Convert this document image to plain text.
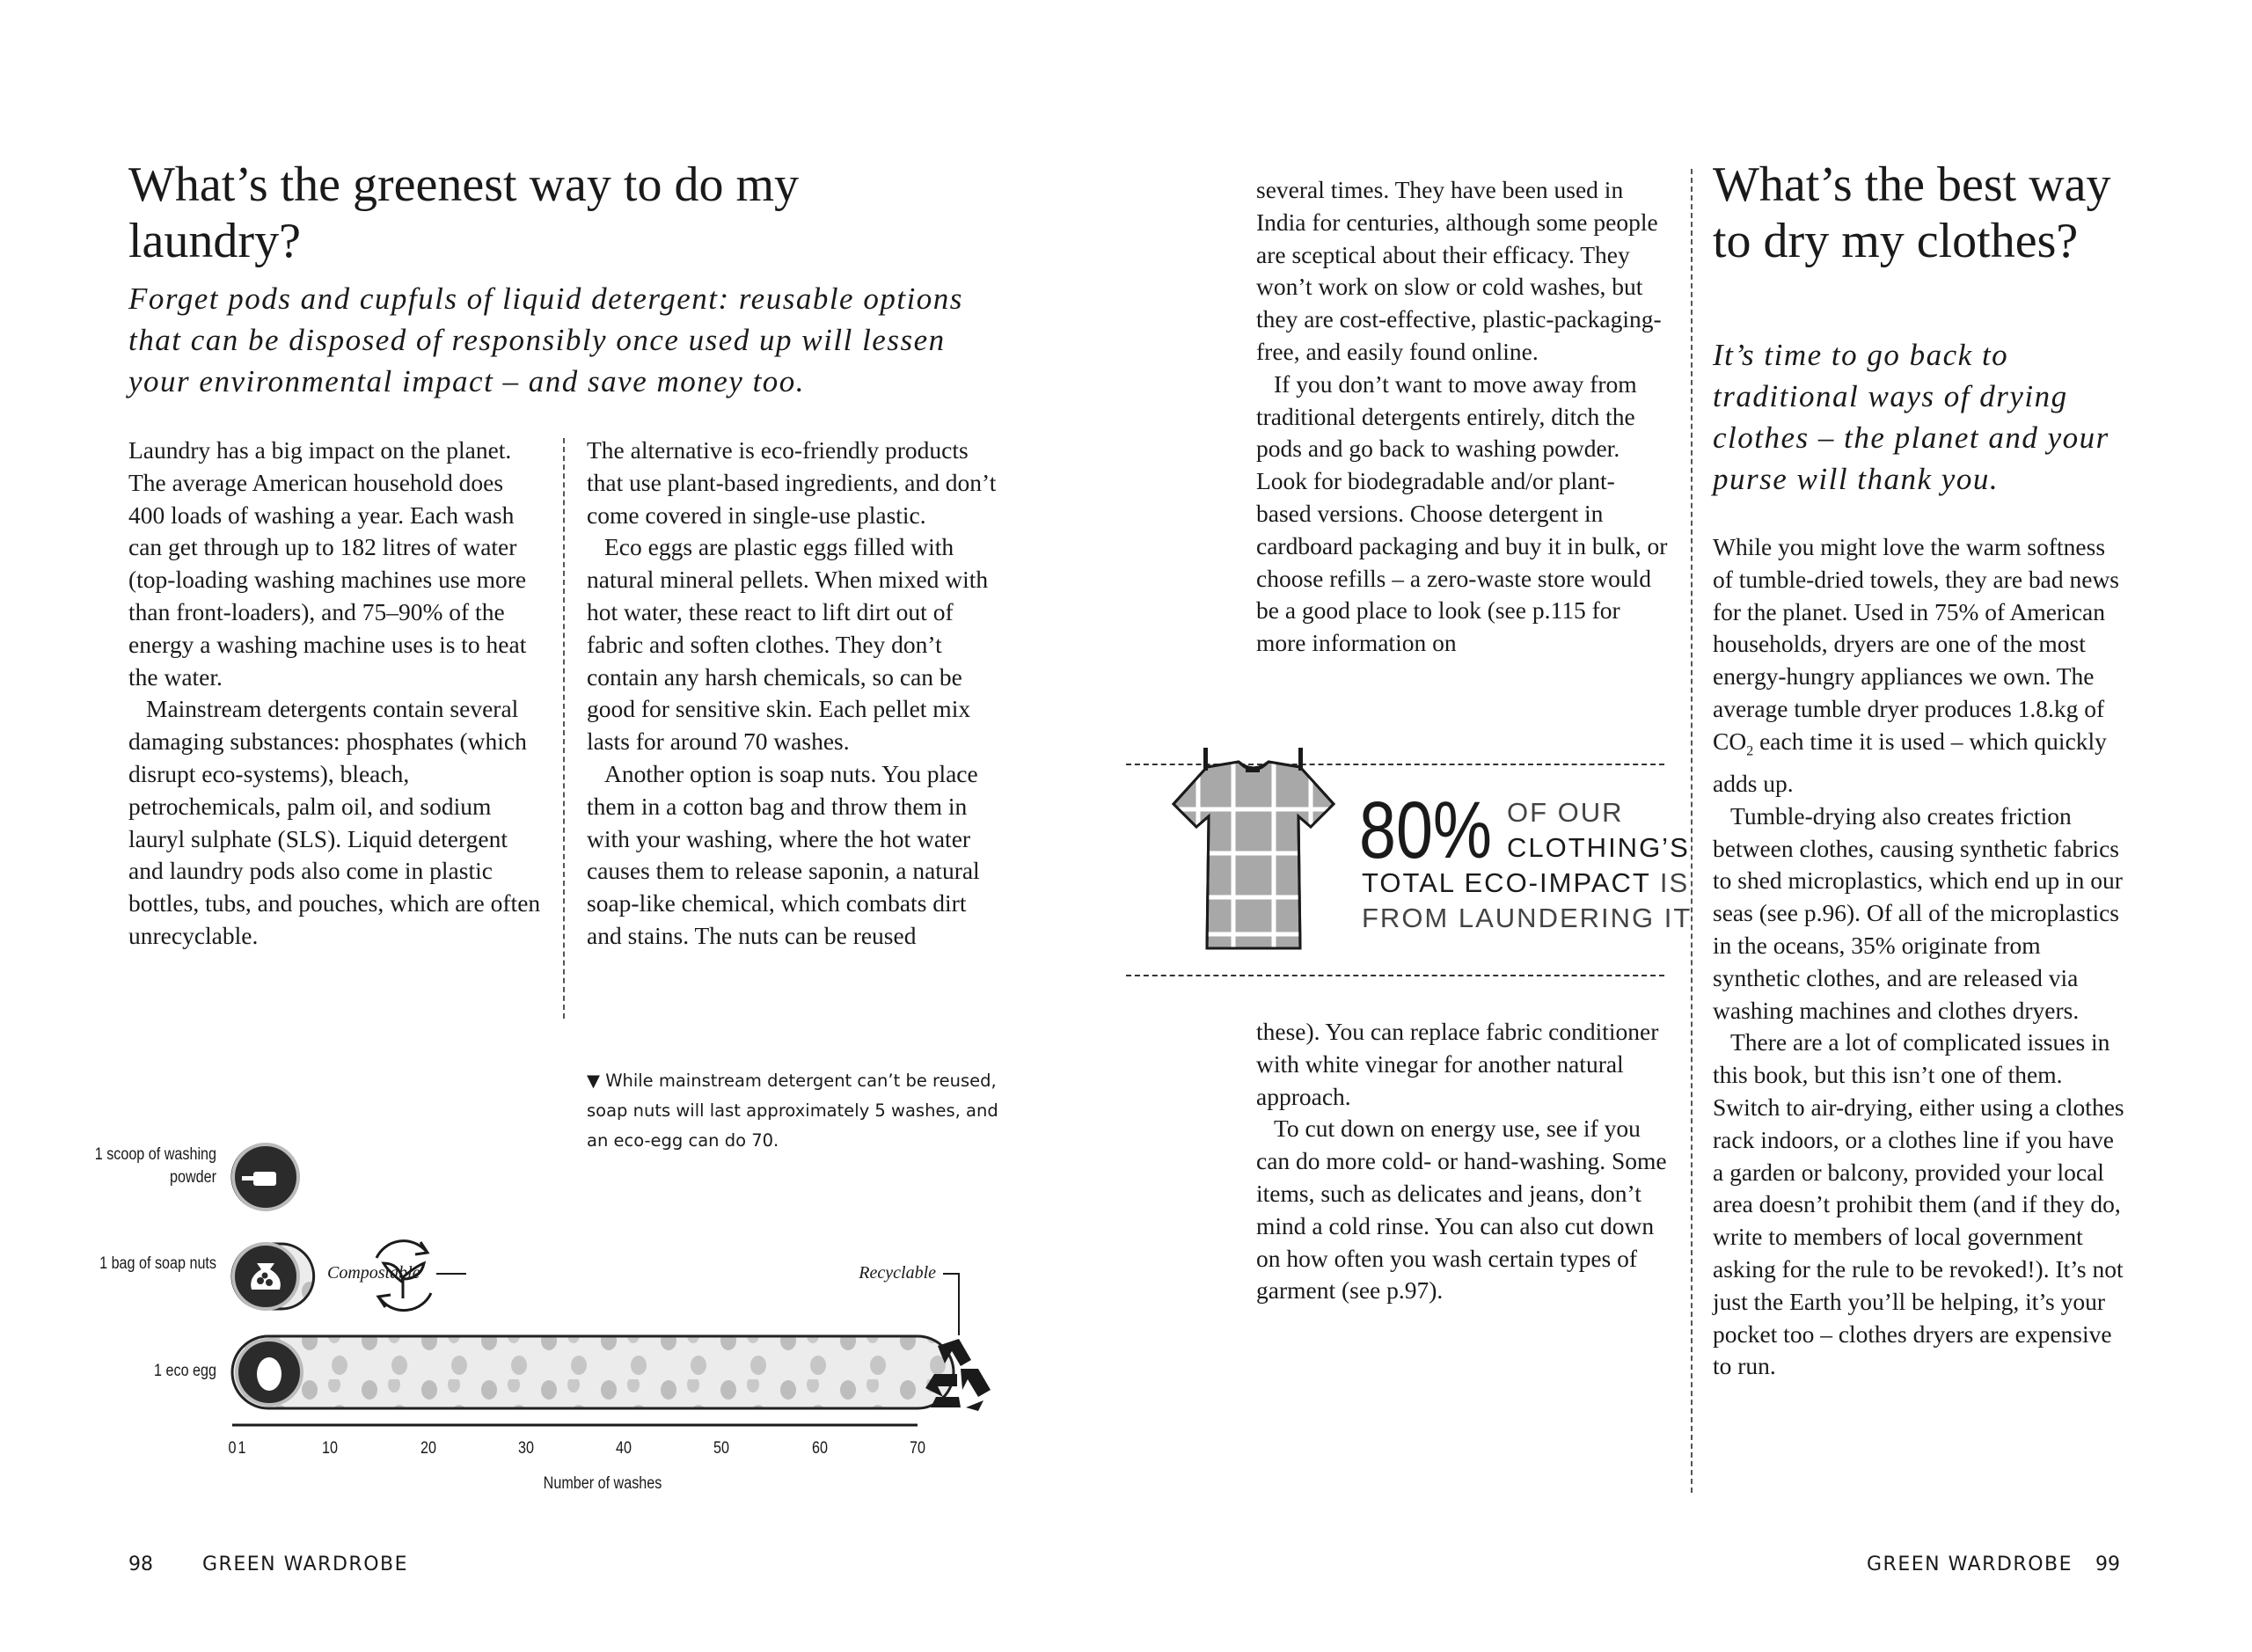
What’s the greenest way to do my laundry?

Forget pods and cupfuls of liquid detergent: reusable options that can be disposed of responsibly once used up will lessen your environmental impact – and save money too.

Laundry has a big impact on the planet. The average American household does 400 loads of washing a year. Each wash can get through up to 182 litres of water (top-loading washing machines use more than front-loaders), and 75–90% of the energy a washing machine uses is to heat the water.

Mainstream detergents contain several damaging substances: phosphates (which disrupt eco-systems), bleach, petrochemicals, palm oil, and sodium lauryl sulphate (SLS). Liquid detergent and laundry pods also come in plastic bottles, tubs, and pouches, which are often unrecyclable.

The alternative is eco-friendly products that use plant-based ingredients, and don’t come covered in single-use plastic.

Eco eggs are plastic eggs filled with natural mineral pellets. When mixed with hot water, these react to lift dirt out of fabric and soften clothes. They don’t contain any harsh chemicals, so can be good for sensitive skin. Each pellet mix lasts for around 70 washes.

Another option is soap nuts. You place them in a cotton bag and throw them in with your washing, where the hot water causes them to release saponin, a natural soap-like chemical, which combats dirt and stains. The nuts can be reused

▼ While mainstream detergent can’t be reused, soap nuts will last approximately 5 washes, and an eco-egg can do 70.
1 scoop of washing powder
1 bag of soap nuts
1 eco egg
Compostable	Recyclable
0 1	10	20	30	40	50	60	70
Number of washes
98	GREEN WARDROBE

several times. They have been used in India for centuries, although some people are sceptical about their efficacy. They won’t work on slow or cold washes, but they are cost-effective, plastic-packaging-free, and easily found online.

If you don’t want to move away from traditional detergents entirely, ditch the pods and go back to washing powder. Look for biodegradable and/or plant-based versions. Choose detergent in cardboard packaging and buy it in bulk, or choose refills – a zero-waste store would be a good place to look (see p.115 for more information on

80% OF OUR
CLOTHING’S
TOTAL ECO-IMPACT IS
FROM LAUNDERING IT

these). You can replace fabric conditioner with white vinegar for another natural approach.

To cut down on energy use, see if you can do more cold- or hand-washing. Some items, such as delicates and jeans, don’t mind a cold rinse. You can also cut down on how often you wash certain types of garment (see p.97).

What’s the best way to dry my clothes?

It’s time to go back to traditional ways of drying clothes – the planet and your purse will thank you.

While you might love the warm softness of tumble-dried towels, they are bad news for the planet. Used in 75% of American households, dryers are one of the most energy-hungry appliances we own. The average tumble dryer produces 1.8.kg of $CO_2$ each time it is used – which quickly adds up.

Tumble-drying also creates friction between clothes, causing synthetic fabrics to shed microplastics, which end up in our seas (see p.96). Of all of the microplastics in the oceans, 35% originate from synthetic clothes, and are released via washing machines and clothes dryers.

There are a lot of complicated issues in this book, but this isn’t one of them. Switch to air-drying, either using a clothes rack indoors, or a clothes line if you have a garden or balcony, provided your local area doesn’t prohibit them (and if they do, write to members of local government asking for the rule to be revoked!). It’s not just the Earth you’ll be helping, it’s your pocket too – clothes dryers are expensive to run.

GREEN WARDROBE 99
